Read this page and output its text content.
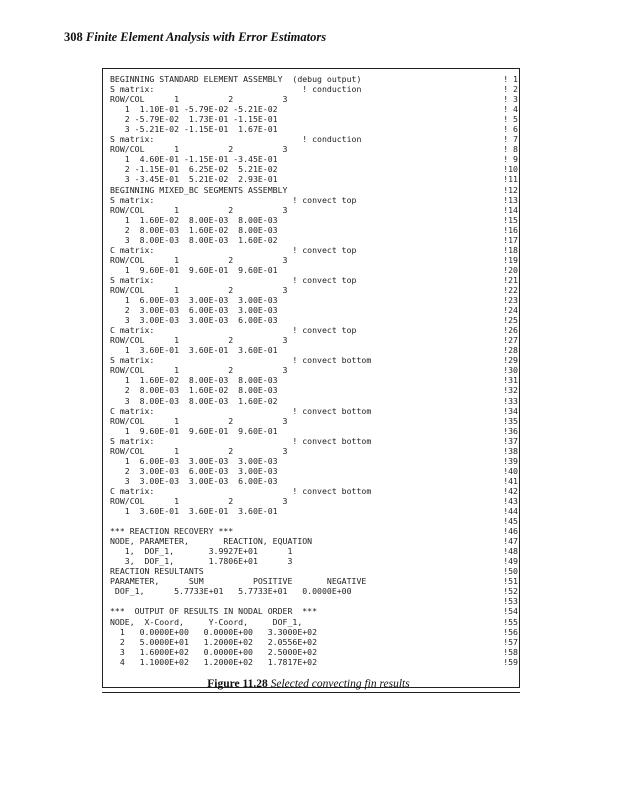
308 Finite Element Analysis with Error Estimators
BEGINNING STANDARD ELEMENT ASSEMBLY  (debug output)	! 1
S matrix:                              ! conduction	! 2
ROW/COL      1          2          3	! 3
1  1.10E-01 -5.79E-02 -5.21E-02	! 4
2 -5.79E-02  1.73E-01 -1.15E-01	! 5
3 -5.21E-02 -1.15E-01  1.67E-01	! 6
S matrix:                              ! conduction	! 7
ROW/COL      1          2          3	! 8
1  4.60E-01 -1.15E-01 -3.45E-01	! 9
2 -1.15E-01  6.25E-02  5.21E-02	!10
3 -3.45E-01  5.21E-02  2.93E-01	!11
BEGINNING MIXED_BC SEGMENTS ASSEMBLY	!12
S matrix:                            ! convect top	!13
ROW/COL      1          2          3	!14
1  1.60E-02  8.00E-03  8.00E-03	!15
2  8.00E-03  1.60E-02  8.00E-03	!16
3  8.00E-03  8.00E-03  1.60E-02	!17
C matrix:                            ! convect top	!18
ROW/COL      1          2          3	!19
1  9.60E-01  9.60E-01  9.60E-01	!20
S matrix:                            ! convect top	!21
ROW/COL      1          2          3	!22
1  6.00E-03  3.00E-03  3.00E-03	!23
2  3.00E-03  6.00E-03  3.00E-03	!24
3  3.00E-03  3.00E-03  6.00E-03	!25
C matrix:                            ! convect top	!26
ROW/COL      1          2          3	!27
1  3.60E-01  3.60E-01  3.60E-01	!28
S matrix:                            ! convect bottom	!29
ROW/COL      1          2          3	!30
1  1.60E-02  8.00E-03  8.00E-03	!31
2  8.00E-03  1.60E-02  8.00E-03	!32
3  8.00E-03  8.00E-03  1.60E-02	!33
C matrix:                            ! convect bottom	!34
ROW/COL      1          2          3	!35
1  9.60E-01  9.60E-01  9.60E-01	!36
S matrix:                            ! convect bottom	!37
ROW/COL      1          2          3	!38
1  6.00E-03  3.00E-03  3.00E-03	!39
2  3.00E-03  6.00E-03  3.00E-03	!40
3  3.00E-03  3.00E-03  6.00E-03	!41
C matrix:                            ! convect bottom	!42
ROW/COL      1          2          3	!43
1  3.60E-01  3.60E-01  3.60E-01	!44
!45
*** REACTION RECOVERY ***	!46
NODE, PARAMETER,       REACTION, EQUATION	!47
1,  DOF_1,       3.9927E+01      1	!48
3,  DOF_1,       1.7806E+01      3	!49
REACTION RESULTANTS	!50
PARAMETER,      SUM          POSITIVE       NEGATIVE	!51
DOF_1,      5.7733E+01   5.7733E+01   0.0000E+00	!52
!53
***  OUTPUT OF RESULTS IN NODAL ORDER  ***	!54
NODE,  X-Coord,     Y-Coord,     DOF_1,	!55
1   0.0000E+00   0.0000E+00   3.3000E+02	!56
2   5.0000E+01   1.2000E+02   2.0556E+02	!57
3   1.6000E+02   0.0000E+00   2.5000E+02	!58
4   1.1000E+02   1.2000E+02   1.7817E+02	!59
Figure 11.28 Selected convecting fin results
